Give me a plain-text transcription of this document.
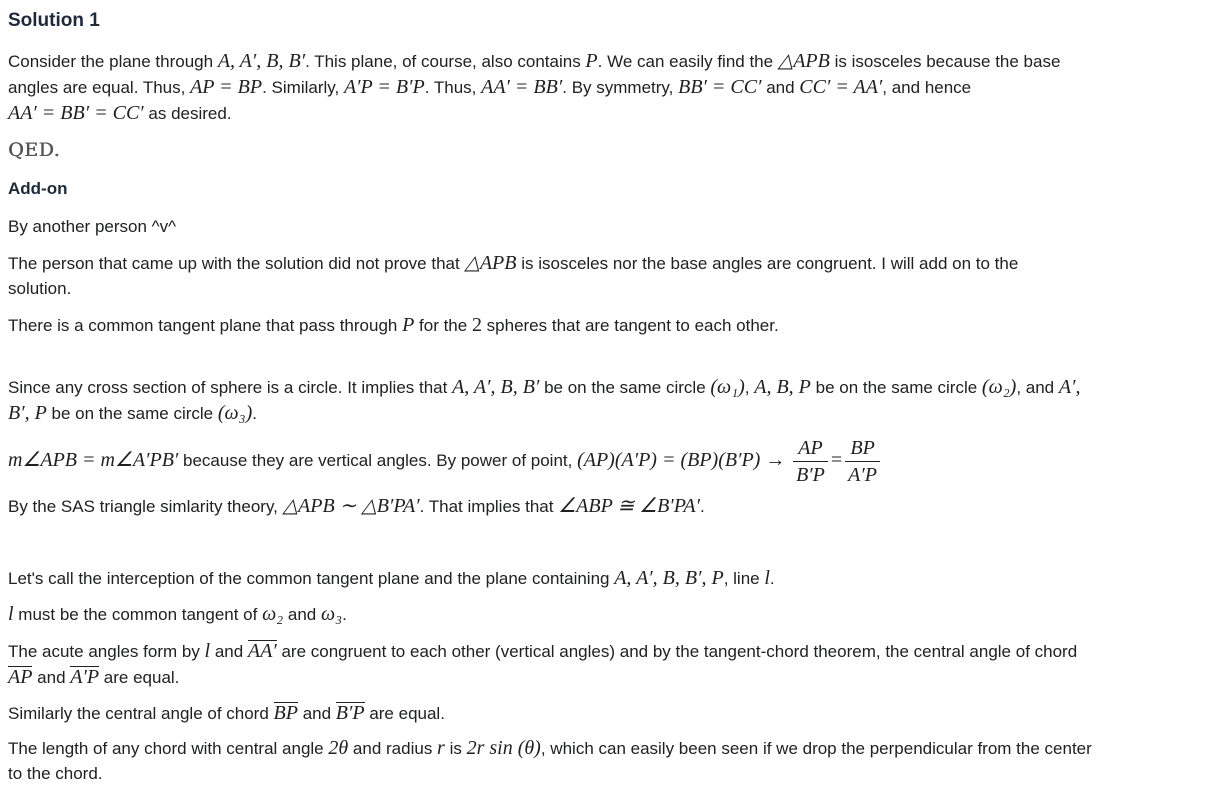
Solution 1
Consider the plane through A, A′, B, B′. This plane, of course, also contains P. We can easily find the △APB is isosceles because the base
angles are equal. Thus, AP = BP. Similarly, A′P = B′P. Thus, AA′ = BB′. By symmetry, BB′ = CC′ and CC′ = AA′, and hence
AA′ = BB′ = CC′ as desired.
QED.
Add-on
By another person ^v^
The person that came up with the solution did not prove that △APB is isosceles nor the base angles are congruent. I will add on to the
solution.
There is a common tangent plane that pass through P for the 2 spheres that are tangent to each other.
Since any cross section of sphere is a circle. It implies that A, A′, B, B′ be on the same circle (ω₁), A, B, P be on the same circle (ω₂), and A′,
B′, P be on the same circle (ω₃).
m∠APB = m∠A′PB′ because they are vertical angles. By power of point, $(AP)(A'P) = (BP)(B'P) \to \frac{AP}{B'P} = \frac{BP}{A'P}$
By the SAS triangle simlarity theory, △APB ∼ △B′PA′. That implies that ∠ABP ≅ ∠B′PA′.
Let's call the interception of the common tangent plane and the plane containing A, A′, B, B′, P, line l.
l must be the common tangent of ω₂ and ω₃.
The acute angles form by l and AA′ are congruent to each other (vertical angles) and by the tangent-chord theorem, the central angle of chord
AP and A′P are equal.
Similarly the central angle of chord BP and B′P are equal.
The length of any chord with central angle 2θ and radius r is 2r sin (θ), which can easily been seen if we drop the perpendicular from the center
to the chord.
